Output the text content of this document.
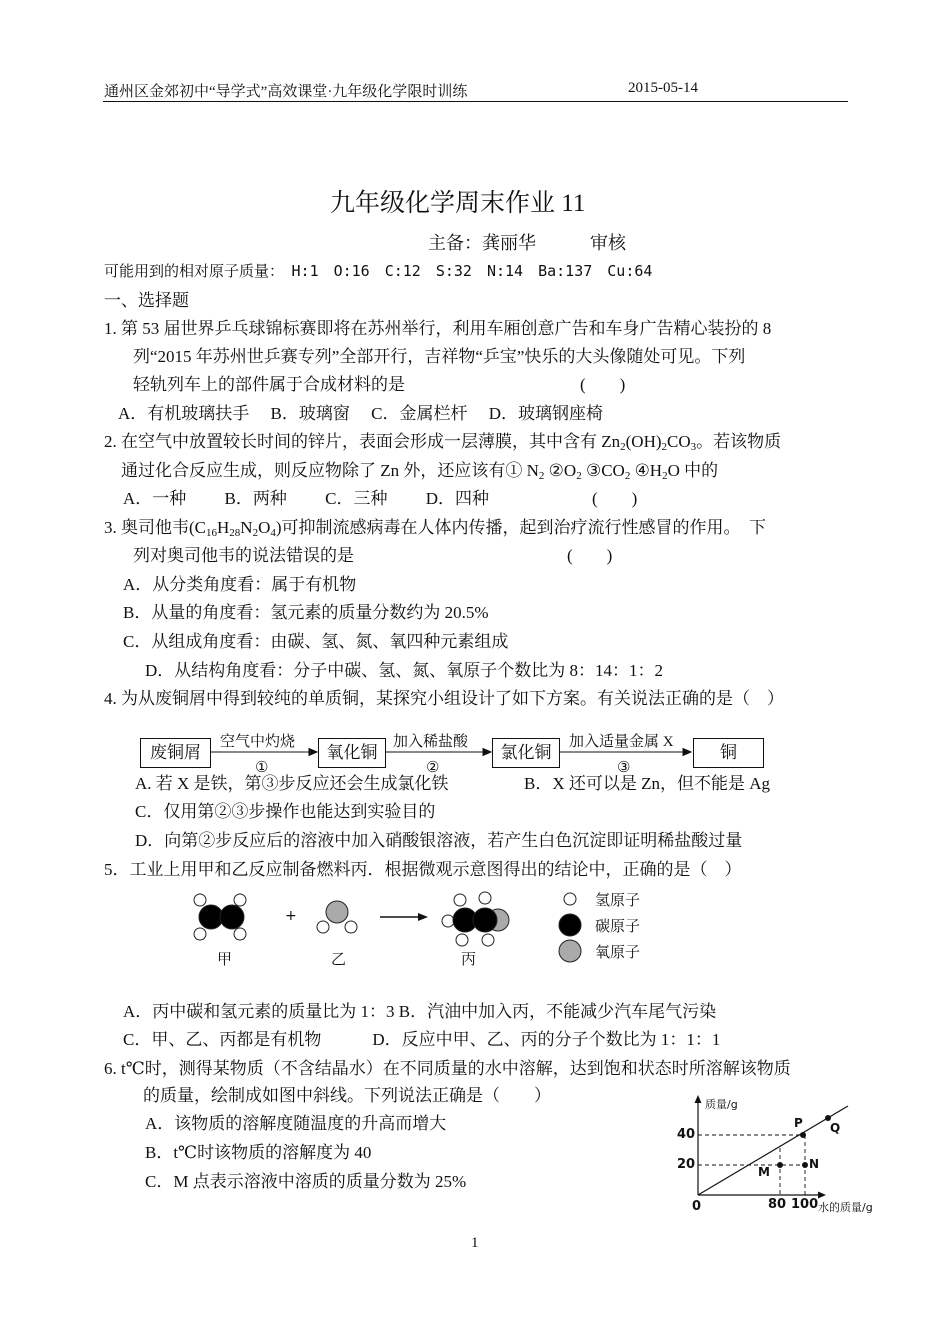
通州区金郊初中“导学式”高效课堂·九年级化学限时训练	2015-05-14
九年级化学周末作业 11
主备：龚丽华　　　审核
可能用到的相对原子质量：　H:1　O:16　C:12　S:32　N:14　Ba:137　Cu:64
一、选择题
1. 第 53 届世界乒乓球锦标赛即将在苏州举行，利用车厢创意广告和车身广告精心装扮的 8
列“2015 年苏州世乒赛专列”全部开行，吉祥物“乒宝”快乐的大头像随处可见。下列
轻轨列车上的部件属于合成材料的是	(　　)
A．有机玻璃扶手　 B．玻璃窗　 C．金属栏杆　 D．玻璃钢座椅
2. 在空气中放置较长时间的锌片，表面会形成一层薄膜，其中含有 $Zn_2(OH)_2CO_3$。若该物质
通过化合反应生成，则反应物除了 Zn 外，还应该有① $N_2$ $②O_2$ $③CO_2$ $④H_2O$ 中的
A．一种　　 B．两种　　 C．三种　　 D．四种	(　　)
3. 奥司他韦$(C_{16}H_{28}N_2O_4)$可抑制流感病毒在人体内传播，起到治疗流行性感冒的作用。　下
列对奥司他韦的说法错误的是	(　　)
A．从分类角度看：属于有机物
B．从量的角度看：氢元素的质量分数约为 20.5%
C．从组成角度看：由碳、氢、氮、氧四种元素组成
D．从结构角度看：分子中碳、氢、氮、氧原子个数比为 8：14：1：2
4. 为从废铜屑中得到较纯的单质铜，某探究小组设计了如下方案。有关说法正确的是（　）
废铜屑	氧化铜	氯化铜	铜
空气中灼烧
①
加入稀盐酸
②
加入适量金属 X
③
A. 若 X 是铁，第③步反应还会生成氯化铁	B．X 还可以是 Zn，但不能是 Ag
C．仅用第②③步操作也能达到实验目的
D．向第②步反应后的溶液中加入硝酸银溶液，若产生白色沉淀即证明稀盐酸过量
5．工业上用甲和乙反应制备燃料丙．根据微观示意图得出的结论中，正确的是（　）
甲
+
乙	丙
氢原子
碳原子
氧原子
A．丙中碳和氢元素的质量比为 1：3 B．汽油中加入丙，不能减少汽车尾气污染
C．甲、乙、丙都是有机物　　　D．反应中甲、乙、丙的分子个数比为 1：1：1
6. t℃时，测得某物质（不含结晶水）在不同质量的水中溶解，达到饱和状态时所溶解该物质
的质量，绘制成如图中斜线。下列说法正确是（　　）
A．该物质的溶解度随温度的升高而增大
B．t℃时该物质的溶解度为 40
C．M 点表示溶液中溶质的质量分数为 25%
质量/g
水的质量/g
0
40
20
80 100
P Q
M
N
1
